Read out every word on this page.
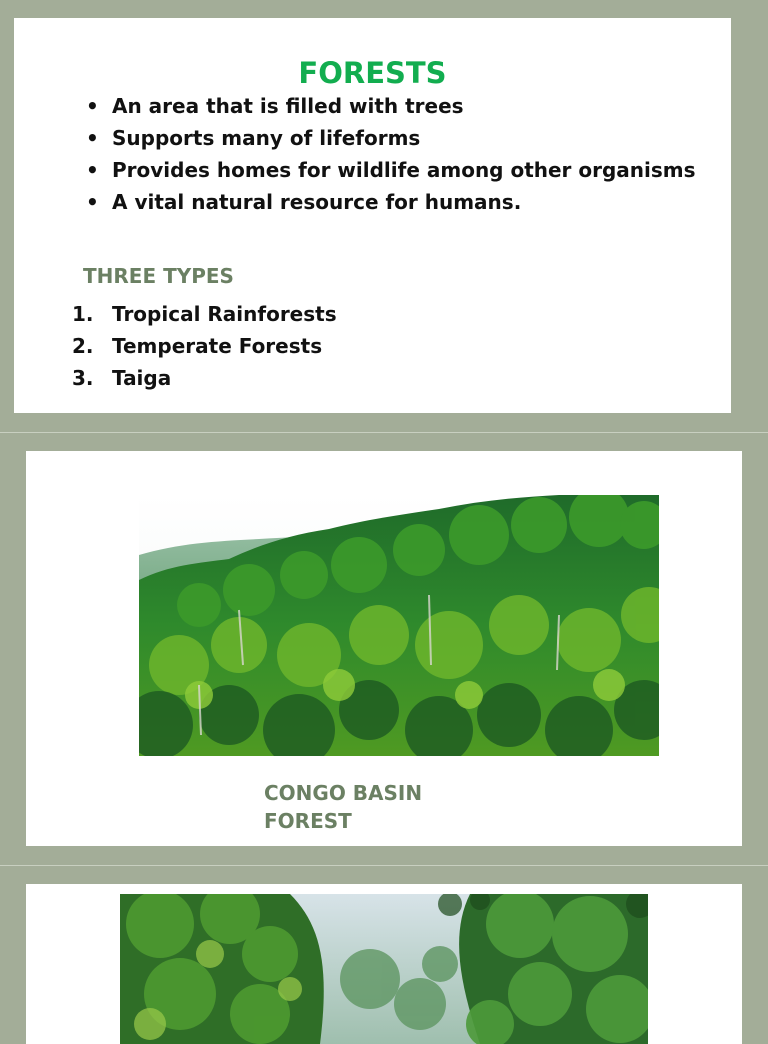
FORESTS
• An area that is filled with trees
• Supports many of lifeforms
• Provides homes for wildlife among other organisms
• A vital natural resource for humans.
THREE TYPES
1. Tropical Rainforests
2. Temperate Forests
3. Taiga

CONGO BASIN
FOREST
